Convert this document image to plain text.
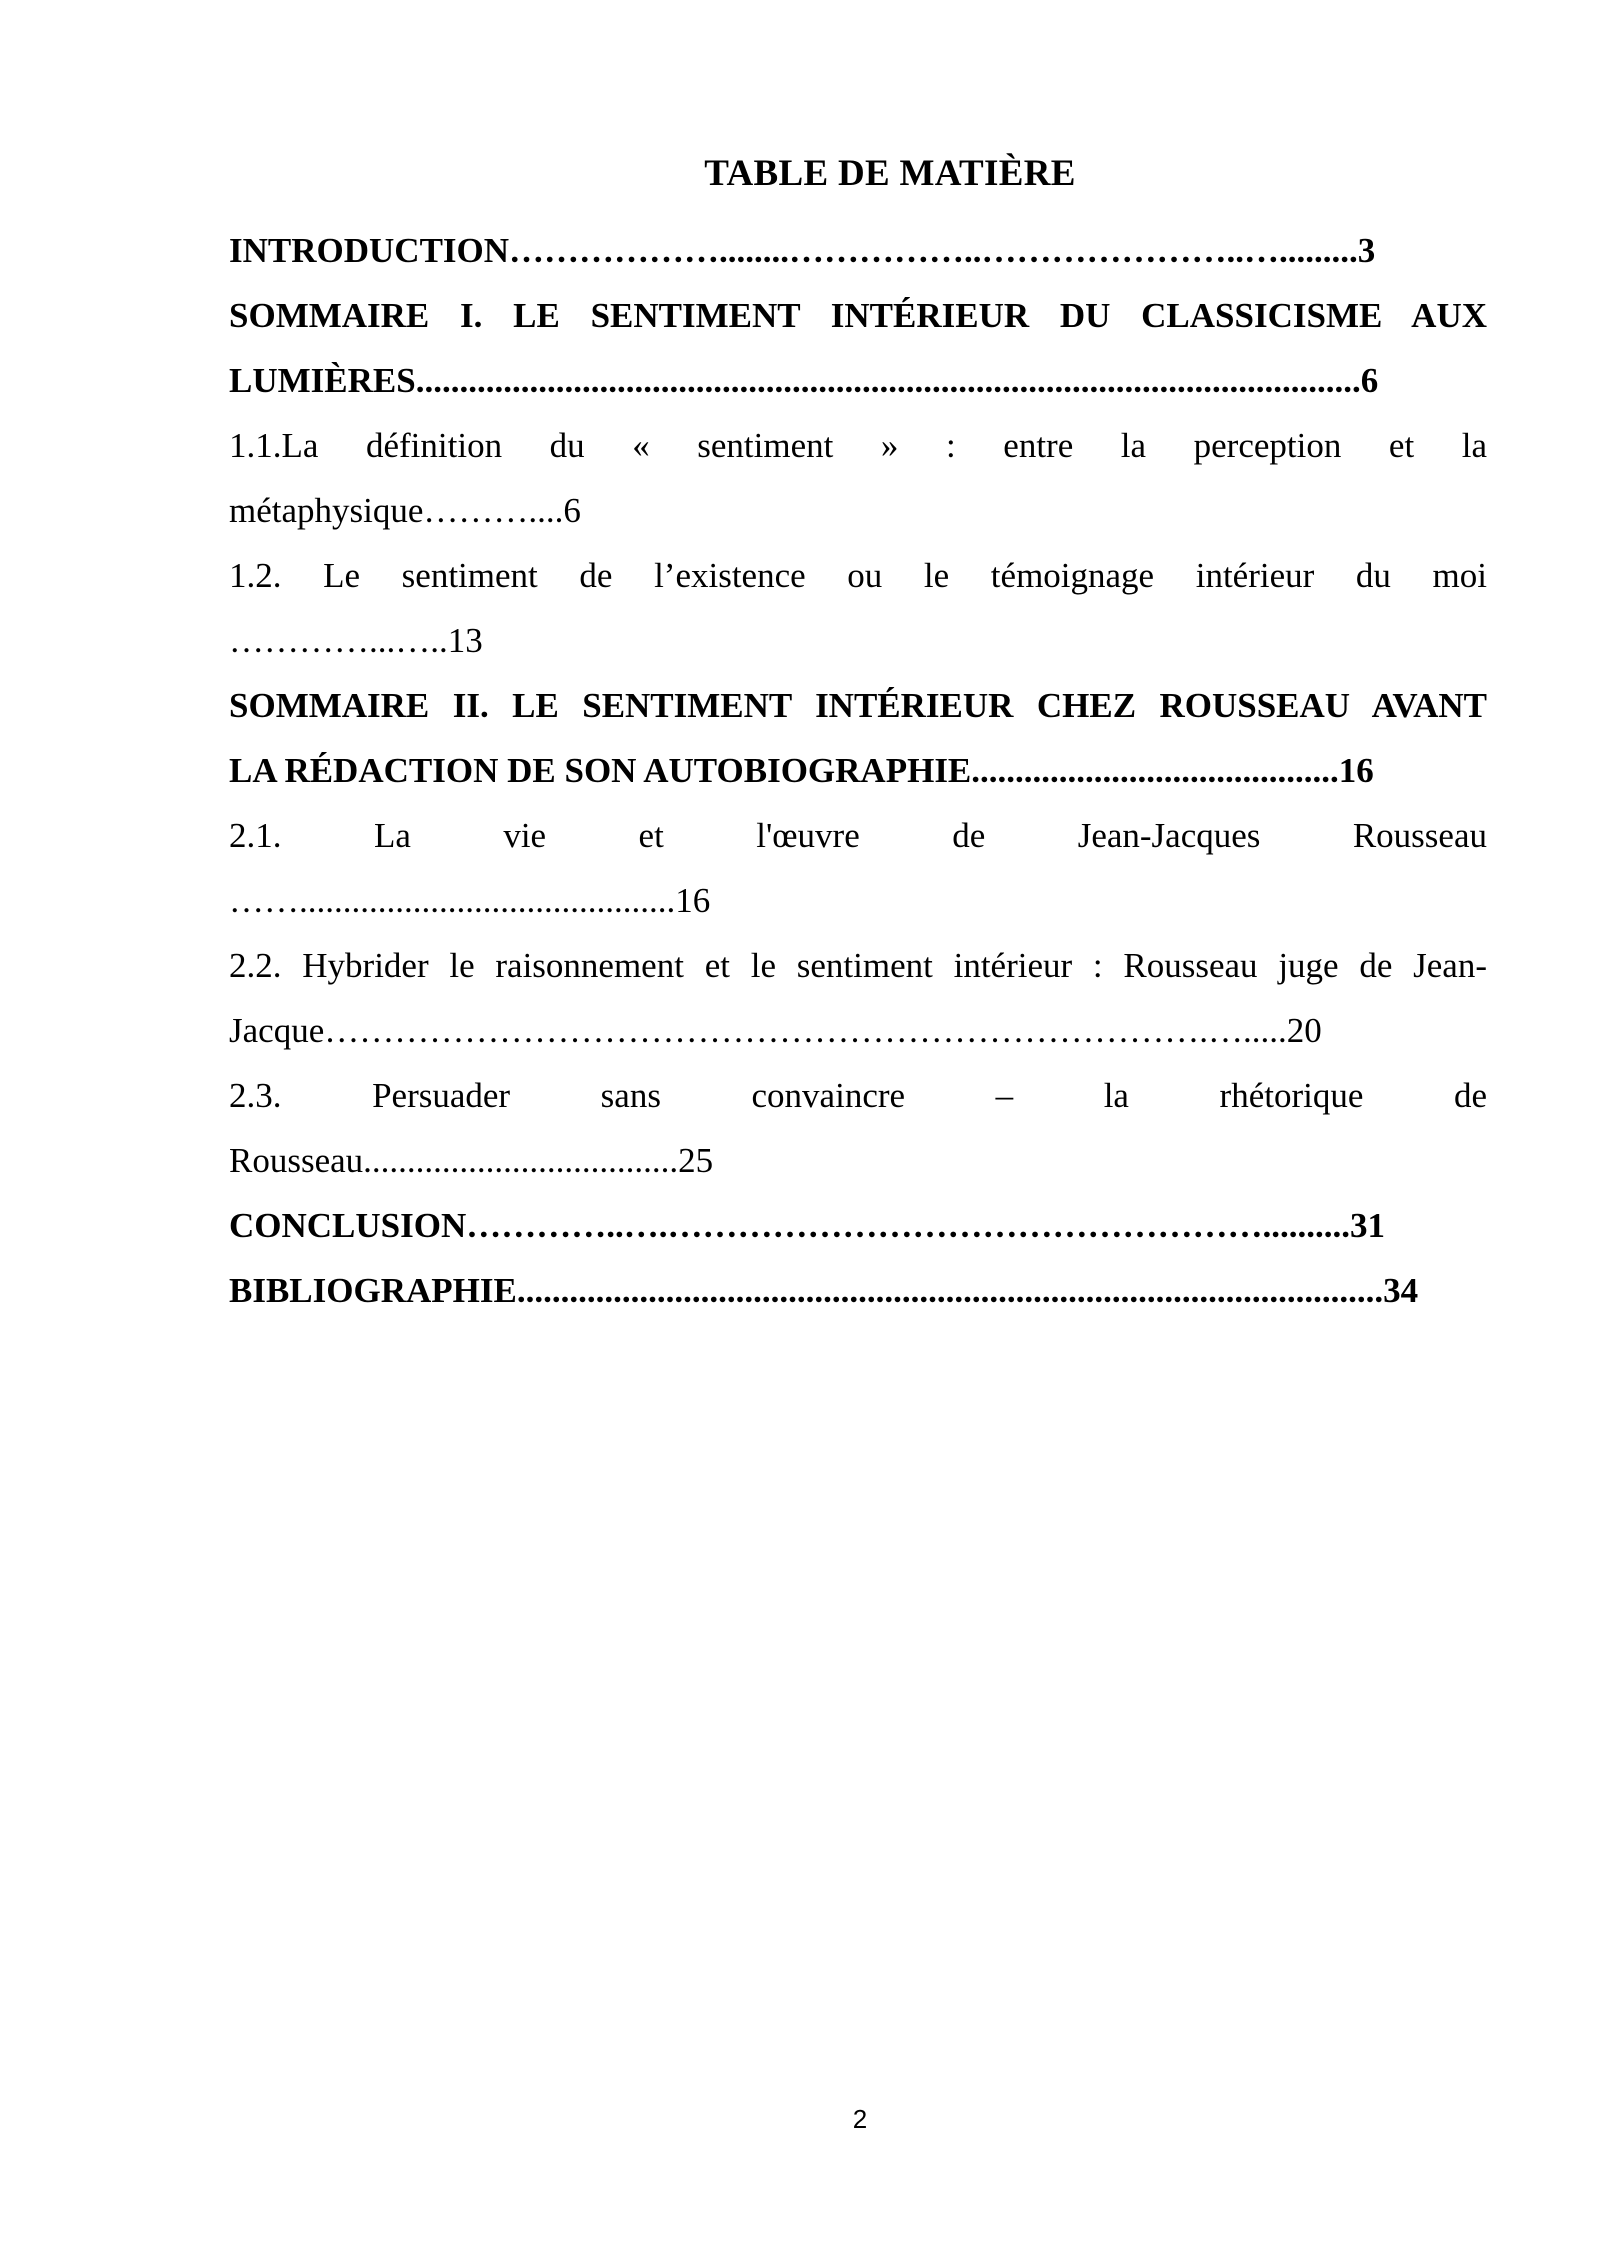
TABLE DE MATIÈRE
INTRODUCTION………………........……………..…………………..….........3
SOMMAIRE I. LE SENTIMENT INTÉRIEUR DU CLASSICISME AUX
LUMIÈRES............................................................................................................6
1.1.La définition du « sentiment » : entre la perception et la
métaphysique………....6
1.2. Le sentiment de l’existence ou le témoignage intérieur du moi
…………...…..13
SOMMAIRE II. LE SENTIMENT INTÉRIEUR CHEZ ROUSSEAU AVANT
LA RÉDACTION DE SON AUTOBIOGRAPHIE..........................................16
2.1. La vie et l'œuvre de Jean-Jacques Rousseau
……...........................................16
2.2. Hybrider le raisonnement et le sentiment intérieur : Rousseau juge de Jean-
Jacque………………………………………………………………….….....20
2.3. Persuader sans convaincre – la rhétorique de
Rousseau....................................25
CONCLUSION…………..….……………………………………………..........31
BIBLIOGRAPHIE...................................................................................................34
2
